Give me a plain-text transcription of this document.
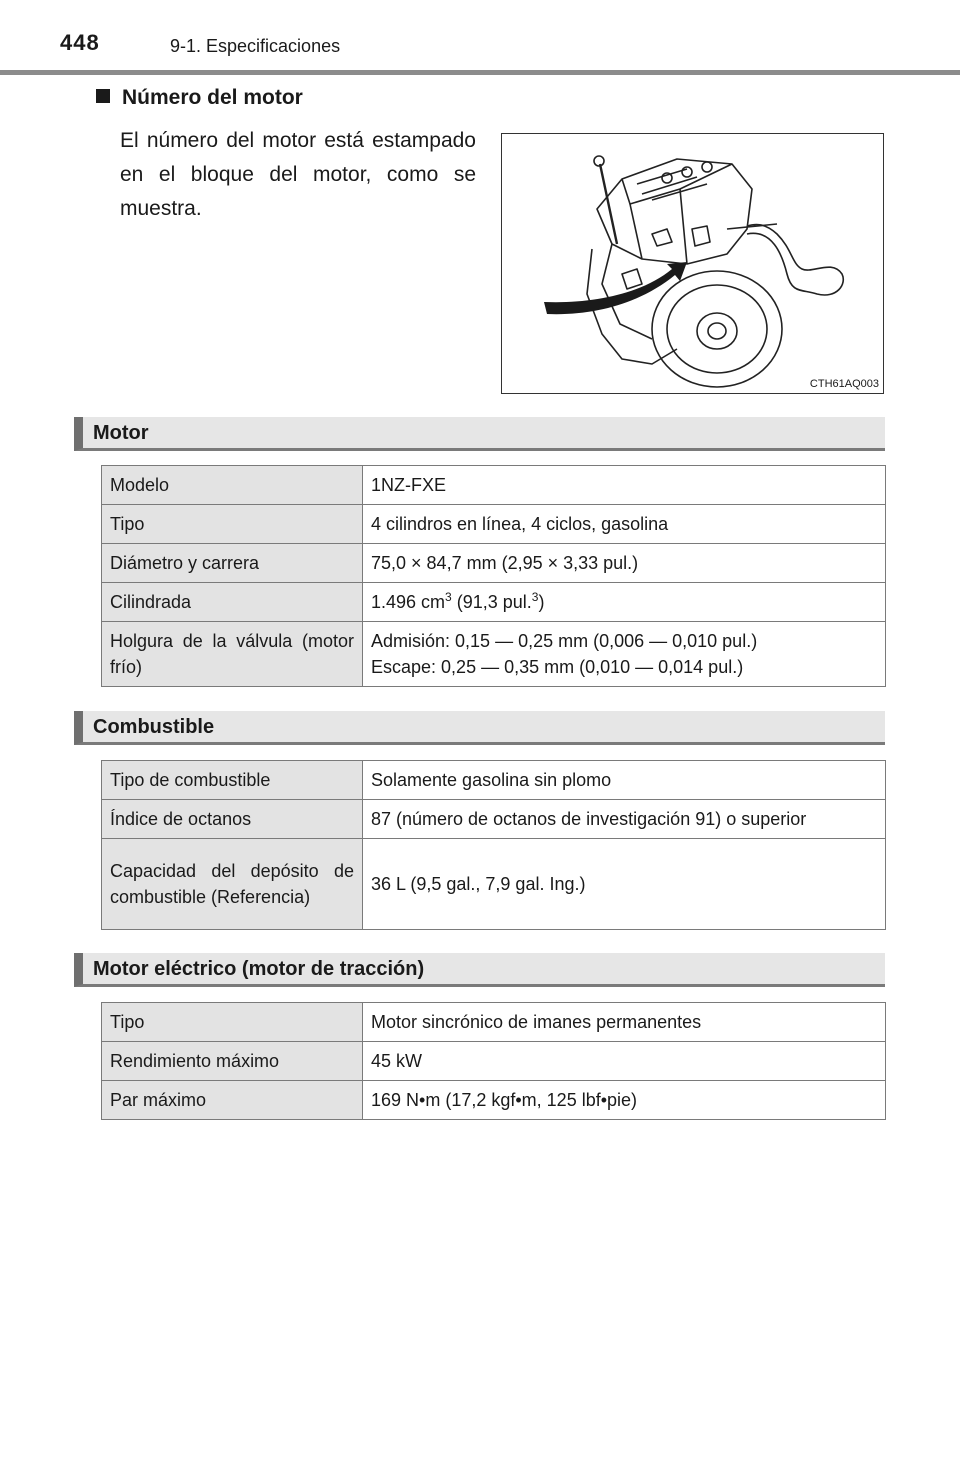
448	9-1. Especificaciones
Número del motor
El número del motor está estampado en el bloque del motor, como se muestra.
CTH61AQ003
Motor
Modelo	1NZ-FXE
Tipo	4 cilindros en línea, 4 ciclos, gasolina
Diámetro y carrera	75,0 × 84,7 mm (2,95 × 3,33 pul.)
Cilindrada	1.496 $cm^3$ (91,3 pul.$^3$)
Holgura de la válvula (motor frío)	Admisión: 0,15 — 0,25 mm (0,006 — 0,010 pul.)
Escape: 0,25 — 0,35 mm (0,010 — 0,014 pul.)
Combustible
Tipo de combustible	Solamente gasolina sin plomo
Índice de octanos	87 (número de octanos de investigación 91) o superior
Capacidad del depósito de combustible (Referencia)	36 L (9,5 gal., 7,9 gal. Ing.)
Motor eléctrico (motor de tracción)
Tipo	Motor sincrónico de imanes permanentes
Rendimiento máximo	45 kW
Par máximo	169 N•m (17,2 kgf•m, 125 lbf•pie)
